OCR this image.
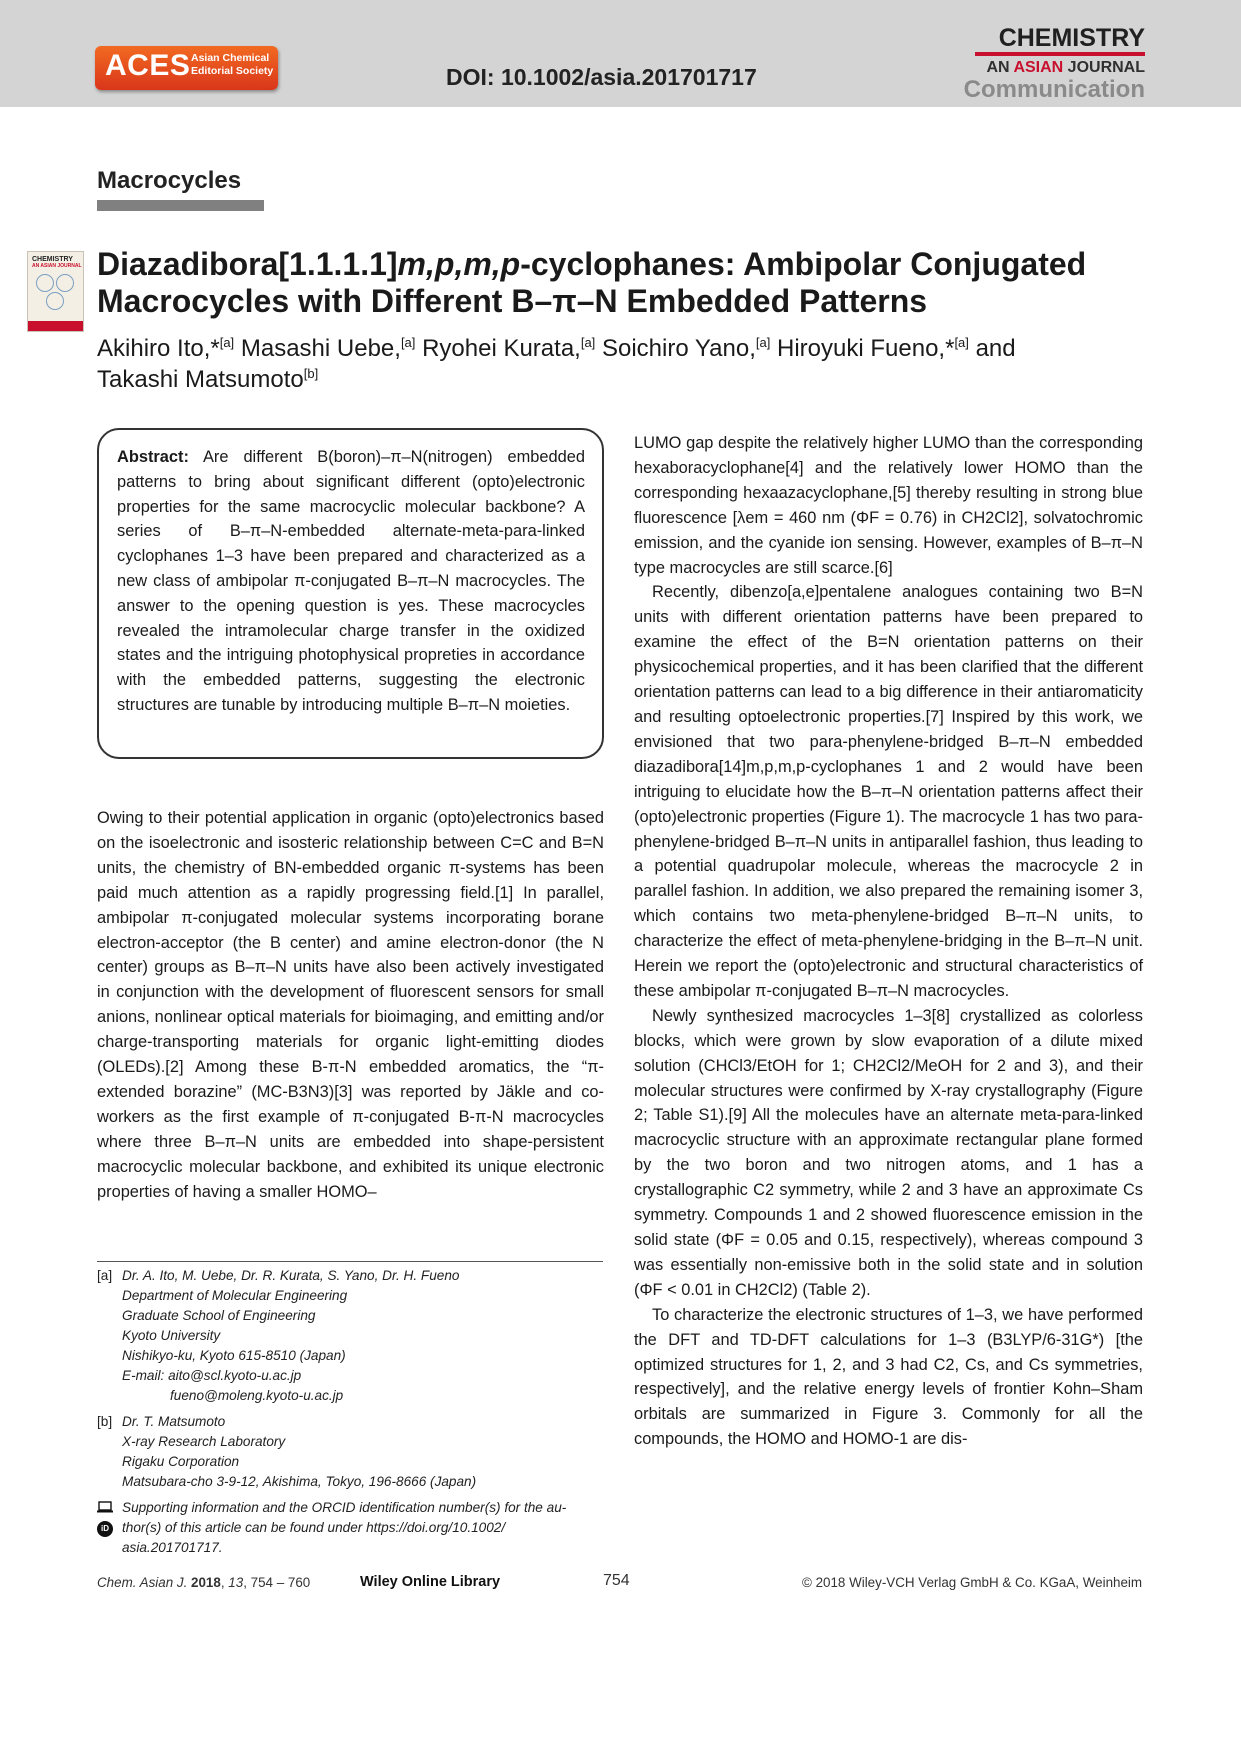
ACES Asian Chemical
Editorial Society	DOI: 10.1002/asia.201701717
CHEMISTRY
AN ASIAN JOURNAL
Communication
Macrocycles
CHEMISTRY
AN ASIAN JOURNAL Diazadibora[1.1.1.1]m,p,m,p-cyclophanes: Ambipolar Conjugated Macrocycles with Different B–π–N Embedded Patterns
Akihiro Ito,*[a] Masashi Uebe,[a] Ryohei Kurata,[a] Soichiro Yano,[a] Hiroyuki Fueno,*[a] and
Takashi Matsumoto[b]

Abstract: Are different B(boron)–π–N(nitrogen) embedded patterns to bring about significant different (opto)electronic properties for the same macrocyclic molecular backbone? A series of B–π–N-embedded alternate-meta-para-linked cyclophanes 1–3 have been prepared and characterized as a new class of ambipolar π-conjugated B–π–N macrocycles. The answer to the opening question is yes. These macrocycles revealed the intramolecular charge transfer in the oxidized states and the intriguing photophysical propreties in accordance with the embedded patterns, suggesting the electronic structures are tunable by introducing multiple B–π–N moieties.

Owing to their potential application in organic (opto)electronics based on the isoelectronic and isosteric relationship between C=C and B=N units, the chemistry of BN-embedded organic π-systems has been paid much attention as a rapidly progressing field.[1] In parallel, ambipolar π-conjugated molecular systems incorporating borane electron-acceptor (the B center) and amine electron-donor (the N center) groups as B–π–N units have also been actively investigated in conjunction with the development of fluorescent sensors for small anions, nonlinear optical materials for bioimaging, and emitting and/or charge-transporting materials for organic light-emitting diodes (OLEDs).[2] Among these B-π-N embedded aromatics, the “π-extended borazine” (MC-B3N3)[3] was reported by Jäkle and co-workers as the first example of π-conjugated B-π-N macrocycles where three B–π–N units are embedded into shape-persistent macrocyclic molecular backbone, and exhibited its unique electronic properties of having a smaller HOMO–

LUMO gap despite the relatively higher LUMO than the corresponding hexaboracyclophane[4] and the relatively lower HOMO than the corresponding hexaazacyclophane,[5] thereby resulting in strong blue fluorescence [λem = 460 nm (ΦF = 0.76) in CH2Cl2], solvatochromic emission, and the cyanide ion sensing. However, examples of B–π–N type macrocycles are still scarce.[6]

Recently, dibenzo[a,e]pentalene analogues containing two B=N units with different orientation patterns have been prepared to examine the effect of the B=N orientation patterns on their physicochemical properties, and it has been clarified that the different orientation patterns can lead to a big difference in their antiaromaticity and resulting optoelectronic properties.[7] Inspired by this work, we envisioned that two para-phenylene-bridged B–π–N embedded diazadibora[14]m,p,m,p-cyclophanes 1 and 2 would have been intriguing to elucidate how the B–π–N orientation patterns affect their (opto)electronic properties (Figure 1). The macrocycle 1 has two para-phenylene-bridged B–π–N units in antiparallel fashion, thus leading to a potential quadrupolar molecule, whereas the macrocycle 2 in parallel fashion. In addition, we also prepared the remaining isomer 3, which contains two meta-phenylene-bridged B–π–N units, to characterize the effect of meta-phenylene-bridging in the B–π–N unit. Herein we report the (opto)electronic and structural characteristics of these ambipolar π-conjugated B–π–N macrocycles.

Newly synthesized macrocycles 1–3[8] crystallized as colorless blocks, which were grown by slow evaporation of a dilute mixed solution (CHCl3/EtOH for 1; CH2Cl2/MeOH for 2 and 3), and their molecular structures were confirmed by X-ray crystallography (Figure 2; Table S1).[9] All the molecules have an alternate meta-para-linked macrocyclic structure with an approximate rectangular plane formed by the two boron and two nitrogen atoms, and 1 has a crystallographic C2 symmetry, while 2 and 3 have an approximate Cs symmetry. Compounds 1 and 2 showed fluorescence emission in the solid state (ΦF = 0.05 and 0.15, respectively), whereas compound 3 was essentially non-emissive both in the solid state and in solution (ΦF < 0.01 in CH2Cl2) (Table 2).

To characterize the electronic structures of 1–3, we have performed the DFT and TD-DFT calculations for 1–3 (B3LYP/6-31G*) [the optimized structures for 1, 2, and 3 had C2, Cs, and Cs symmetries, respectively], and the relative energy levels of frontier Kohn–Sham orbitals are summarized in Figure 3. Commonly for all the compounds, the HOMO and HOMO-1 are dis-

[a] Dr. A. Ito, M. Uebe, Dr. R. Kurata, S. Yano, Dr. H. Fueno
Department of Molecular Engineering
Graduate School of Engineering
Kyoto University
Nishikyo-ku, Kyoto 615-8510 (Japan)
E-mail: aito@scl.kyoto-u.ac.jp
fueno@moleng.kyoto-u.ac.jp
[b] Dr. T. Matsumoto
X-ray Research Laboratory
Rigaku Corporation
Matsubara-cho 3-9-12, Akishima, Tokyo, 196-8666 (Japan)
iD
Supporting information and the ORCID identification number(s) for the au-
thor(s) of this article can be found under https://doi.org/10.1002/
asia.201701717.
Chem. Asian J. 2018, 13, 754 – 760	Wiley Online Library	754	© 2018 Wiley-VCH Verlag GmbH & Co. KGaA, Weinheim
